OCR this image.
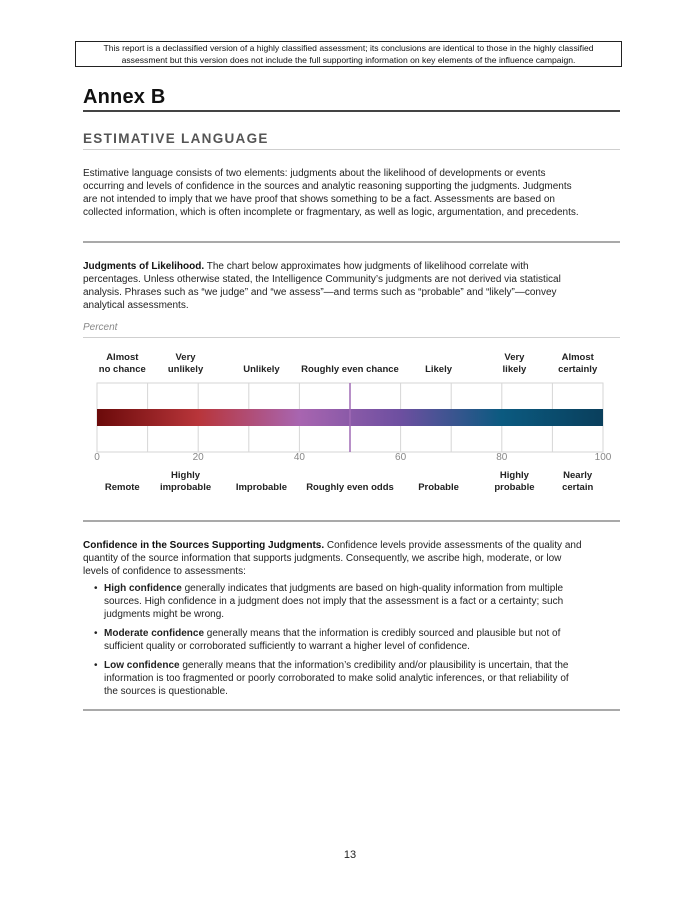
This report is a declassified version of a highly classified assessment; its conclusions are identical to those in the highly classified
assessment but this version does not include the full supporting information on key elements of the influence campaign.
Annex B
ESTIMATIVE LANGUAGE
Estimative language consists of two elements: judgments about the likelihood of developments or events occurring and levels of confidence in the sources and analytic reasoning supporting the judgments. Judgments are not intended to imply that we have proof that shows something to be a fact. Assessments are based on collected information, which is often incomplete or fragmentary, as well as logic, argumentation, and precedents.
Judgments of Likelihood. The chart below approximates how judgments of likelihood correlate with percentages. Unless otherwise stated, the Intelligence Community’s judgments are not derived via statistical analysis. Phrases such as “we judge” and “we assess”—and terms such as “probable” and “likely”—convey analytical assessments.
Percent
0	20	40	60	80	100
Almost
no chance
Very
unlikely	Unlikely Roughly even chance	Likely
Very
likely
Almost
certainly
Remote
Highly
improbable	Improbable Roughly even odds	Probable
Highly
probable
Nearly
certain
Confidence in the Sources Supporting Judgments. Confidence levels provide assessments of the quality and quantity of the source information that supports judgments. Consequently, we ascribe high, moderate, or low levels of confidence to assessments:
• High confidence generally indicates that judgments are based on high-quality information from multiple sources. High confidence in a judgment does not imply that the assessment is a fact or a certainty; such judgments might be wrong.
• Moderate confidence generally means that the information is credibly sourced and plausible but not of sufficient quality or corroborated sufficiently to warrant a higher level of confidence.
• Low confidence generally means that the information’s credibility and/or plausibility is uncertain, that the information is too fragmented or poorly corroborated to make solid analytic inferences, or that reliability of the sources is questionable.
13
